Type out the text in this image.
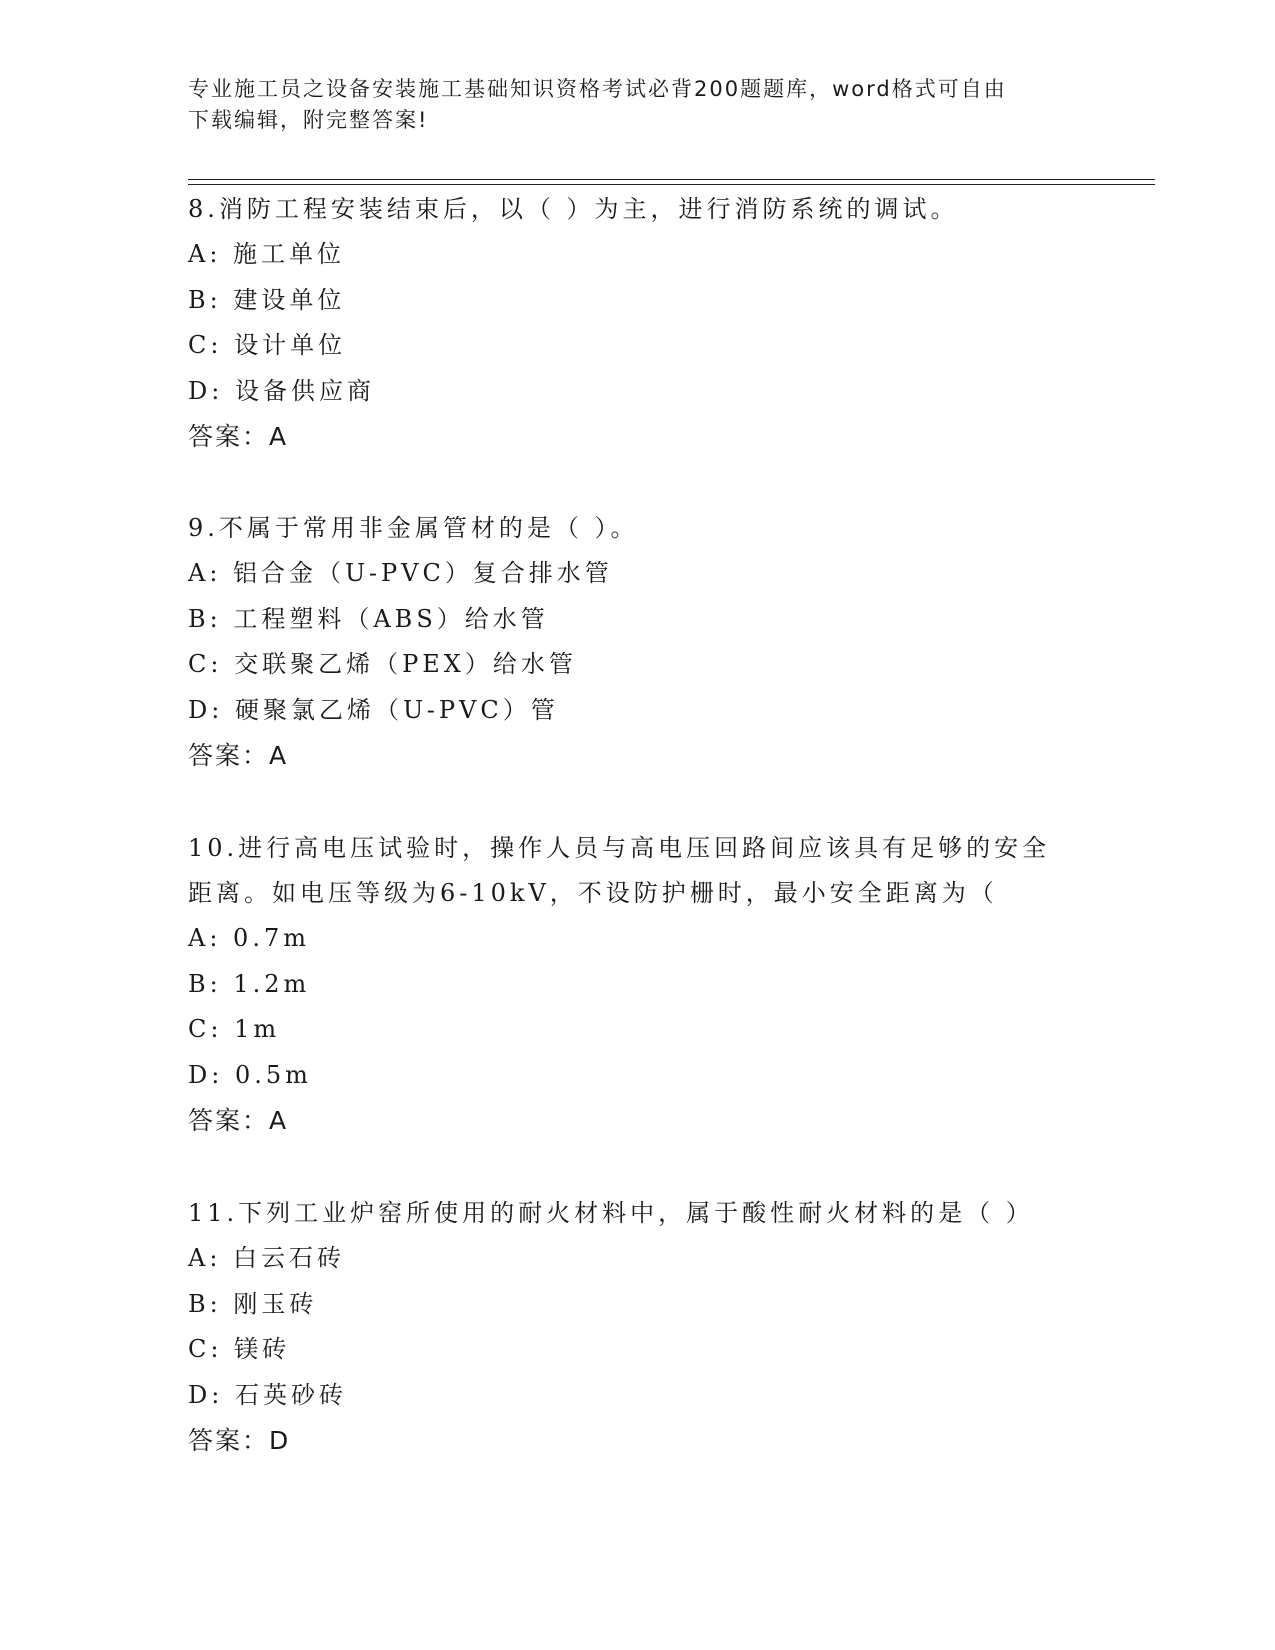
专业施工员之设备安装施工基础知识资格考试必背200题题库，word格式可自由
下载编辑，附完整答案!
8.消防工程安装结束后，以（ ）为主，进行消防系统的调试。
A: 施工单位
B: 建设单位
C: 设计单位
D: 设备供应商
答案：A
9.不属于常用非金属管材的是（ ）。
A: 铝合金（U-PVC）复合排水管
B: 工程塑料（ABS）给水管
C: 交联聚乙烯（PEX）给水管
D: 硬聚氯乙烯（U-PVC）管
答案：A
10.进行高电压试验时，操作人员与高电压回路间应该具有足够的安全
距离。如电压等级为6-10kV，不设防护栅时，最小安全距离为（
A: 0.7m
B: 1.2m
C: 1m
D: 0.5m
答案：A
11.下列工业炉窑所使用的耐火材料中，属于酸性耐火材料的是（ ）
A: 白云石砖
B: 刚玉砖
C: 镁砖
D: 石英砂砖
答案：D
